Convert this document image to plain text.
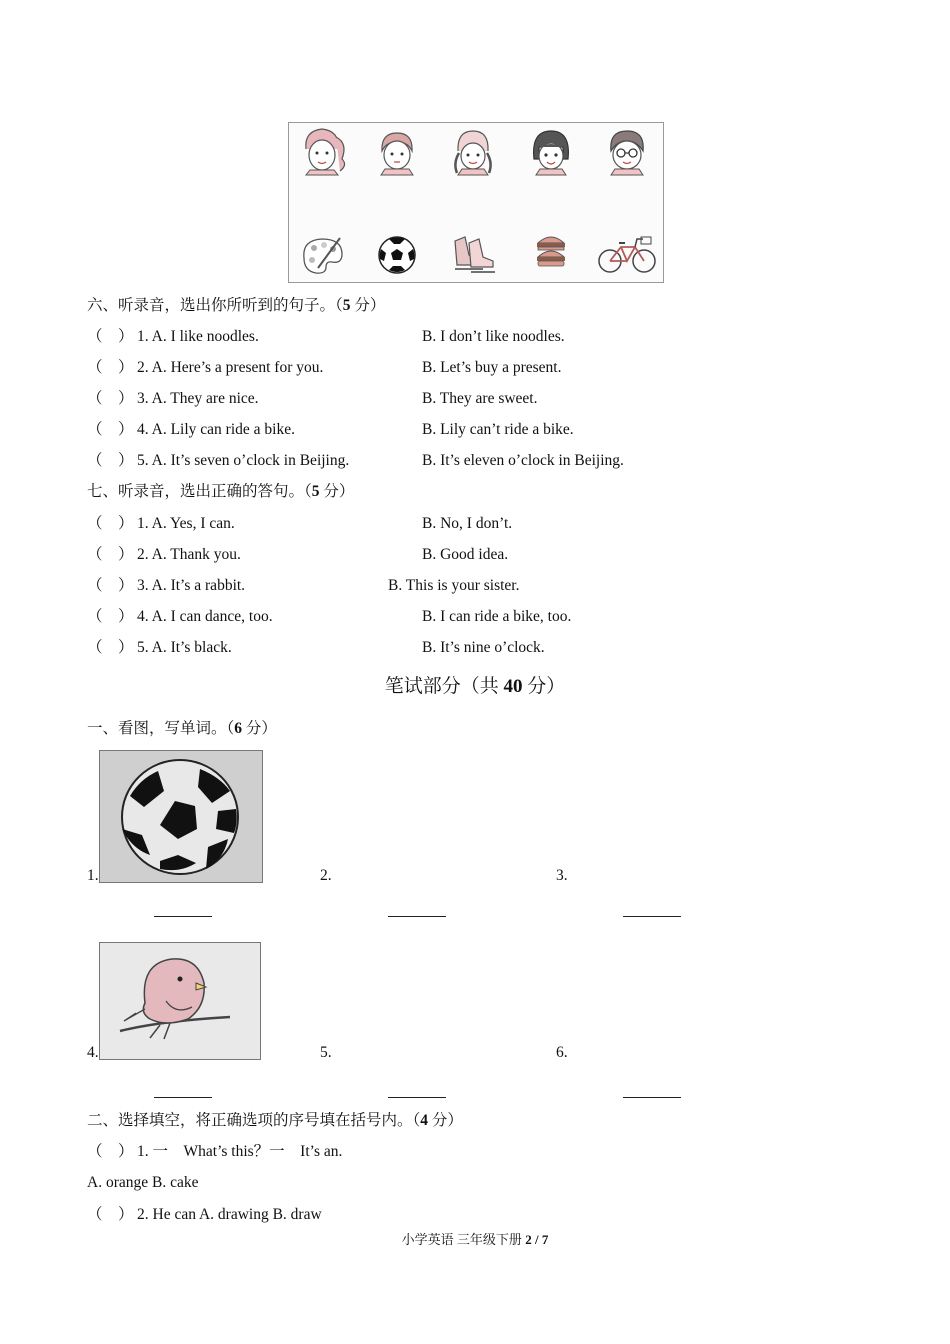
六、听录音，选出你所听到的句子。（5 分）
（　） 1. A. I like noodles.	B. I don’t like noodles.
（　） 2. A. Here’s a present for you.	B. Let’s buy a present.
（　） 3. A. They are nice.	B. They are sweet.
（　） 4. A. Lily can ride a bike.	B. Lily can’t ride a bike.
（　） 5. A. It’s seven o’clock in Beijing.	B. It’s eleven o’clock in Beijing.
七、听录音，选出正确的答句。（5 分）
（　） 1. A. Yes, I can.	B. No, I don’t.
（　） 2. A. Thank you.	B. Good idea.
（　） 3. A. It’s a rabbit.	B. This is your sister.
（　） 4. A. I can dance, too.	B. I can ride a bike, too.
（　） 5. A. It’s black.	B. It’s nine o’clock.
笔试部分（共 40 分）
一、看图，写单词。（6 分）
1.	2.	3.
4.	5.	6.
二、选择填空，将正确选项的序号填在括号内。（4 分）
（　） 1. 一　What’s this？一　It’s an.
A. orange B. cake
（　） 2. He can A. drawing B. draw
小学英语 三年级下册 2 / 7
